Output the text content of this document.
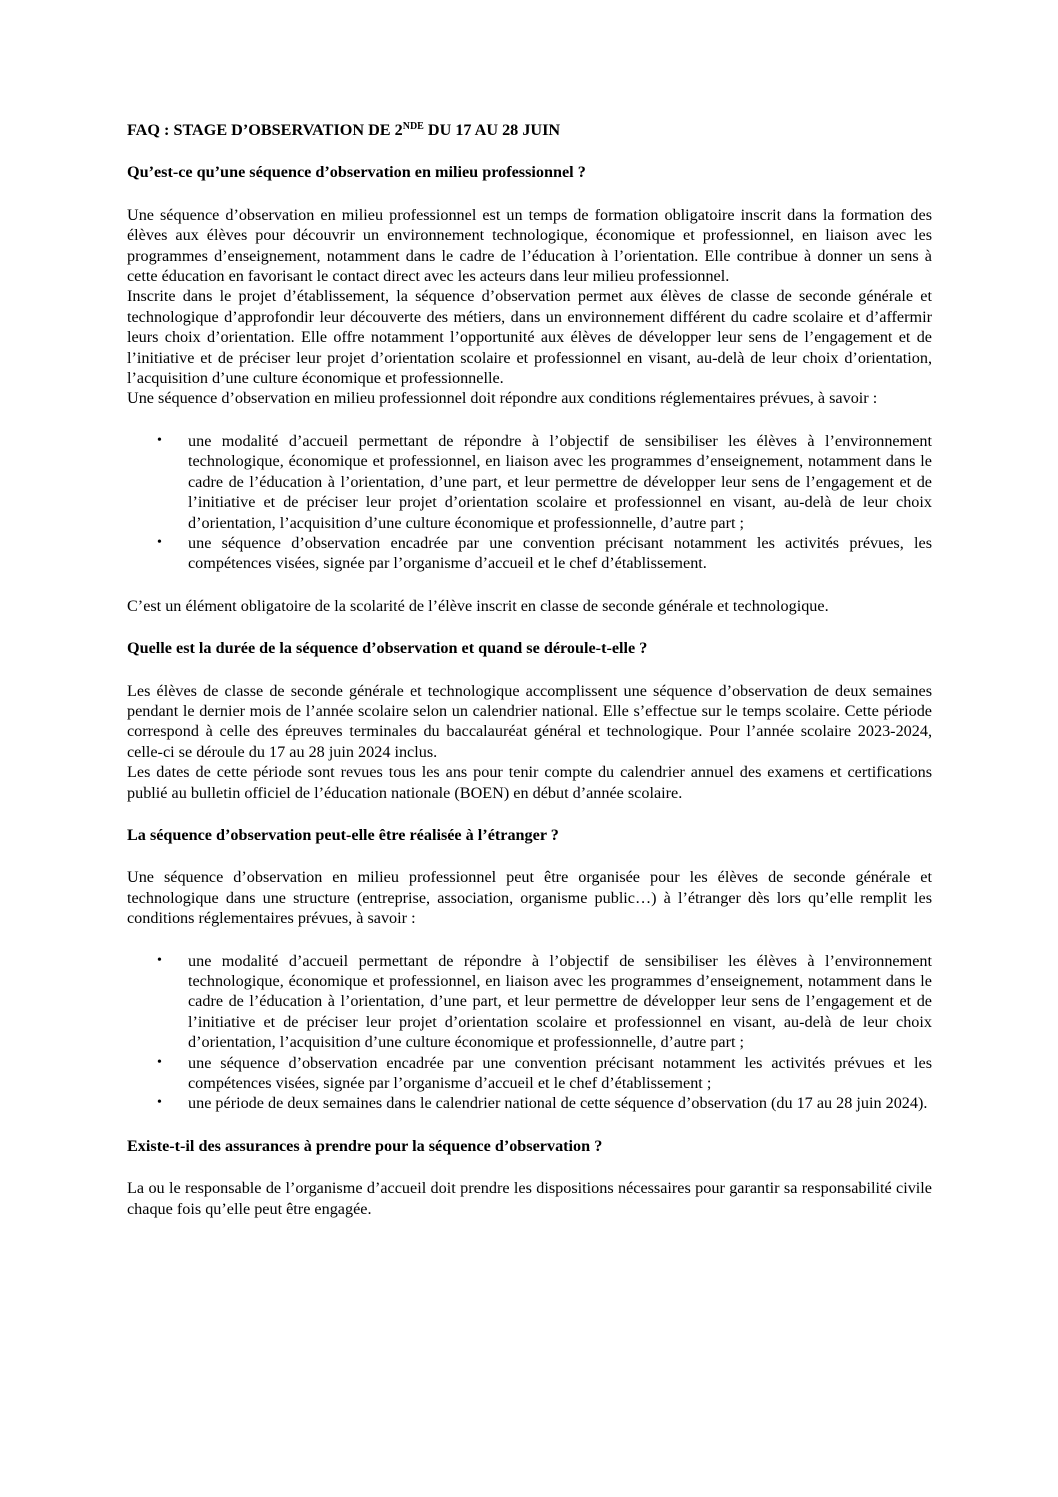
FAQ : STAGE D’OBSERVATION DE 2NDE DU 17 AU 28 JUIN
Qu’est-ce qu’une séquence d’observation en milieu professionnel ?

Une séquence d’observation en milieu professionnel est un temps de formation obligatoire inscrit dans la formation des élèves aux élèves pour découvrir un environnement technologique, économique et professionnel, en liaison avec les programmes d’enseignement, notamment dans le cadre de l’éducation à l’orientation. Elle contribue à donner un sens à cette éducation en favorisant le contact direct avec les acteurs dans leur milieu professionnel.

Inscrite dans le projet d’établissement, la séquence d’observation permet aux élèves de classe de seconde générale et technologique d’approfondir leur découverte des métiers, dans un environnement différent du cadre scolaire et d’affermir leurs choix d’orientation. Elle offre notamment l’opportunité aux élèves de développer leur sens de l’engagement et de l’initiative et de préciser leur projet d’orientation scolaire et professionnel en visant, au-delà de leur choix d’orientation, l’acquisition d’une culture économique et professionnelle.

Une séquence d’observation en milieu professionnel doit répondre aux conditions réglementaires prévues, à savoir :

• une modalité d’accueil permettant de répondre à l’objectif de sensibiliser les élèves à l’environnement technologique, économique et professionnel, en liaison avec les programmes d’enseignement, notamment dans le cadre de l’éducation à l’orientation, d’une part, et leur permettre de développer leur sens de l’engagement et de l’initiative et de préciser leur projet d’orientation scolaire et professionnel en visant, au-delà de leur choix d’orientation, l’acquisition d’une culture économique et professionnelle, d’autre part ;
• une séquence d’observation encadrée par une convention précisant notamment les activités prévues, les compétences visées, signée par l’organisme d’accueil et le chef d’établissement.

C’est un élément obligatoire de la scolarité de l’élève inscrit en classe de seconde générale et technologique.

Quelle est la durée de la séquence d’observation et quand se déroule-t-elle ?

Les élèves de classe de seconde générale et technologique accomplissent une séquence d’observation de deux semaines pendant le dernier mois de l’année scolaire selon un calendrier national. Elle s’effectue sur le temps scolaire. Cette période correspond à celle des épreuves terminales du baccalauréat général et technologique. Pour l’année scolaire 2023-2024, celle-ci se déroule du 17 au 28 juin 2024 inclus.

Les dates de cette période sont revues tous les ans pour tenir compte du calendrier annuel des examens et certifications publié au bulletin officiel de l’éducation nationale (BOEN) en début d’année scolaire.

La séquence d’observation peut-elle être réalisée à l’étranger ?

Une séquence d’observation en milieu professionnel peut être organisée pour les élèves de seconde générale et technologique dans une structure (entreprise, association, organisme public…) à l’étranger dès lors qu’elle remplit les conditions réglementaires prévues, à savoir :

• une modalité d’accueil permettant de répondre à l’objectif de sensibiliser les élèves à l’environnement technologique, économique et professionnel, en liaison avec les programmes d’enseignement, notamment dans le cadre de l’éducation à l’orientation, d’une part, et leur permettre de développer leur sens de l’engagement et de l’initiative et de préciser leur projet d’orientation scolaire et professionnel en visant, au-delà de leur choix d’orientation, l’acquisition d’une culture économique et professionnelle, d’autre part ;
• une séquence d’observation encadrée par une convention précisant notamment les activités prévues et les compétences visées, signée par l’organisme d’accueil et le chef d’établissement ;
• une période de deux semaines dans le calendrier national de cette séquence d’observation (du 17 au 28 juin 2024).
Existe-t-il des assurances à prendre pour la séquence d’observation ?

La ou le responsable de l’organisme d’accueil doit prendre les dispositions nécessaires pour garantir sa responsabilité civile chaque fois qu’elle peut être engagée.
